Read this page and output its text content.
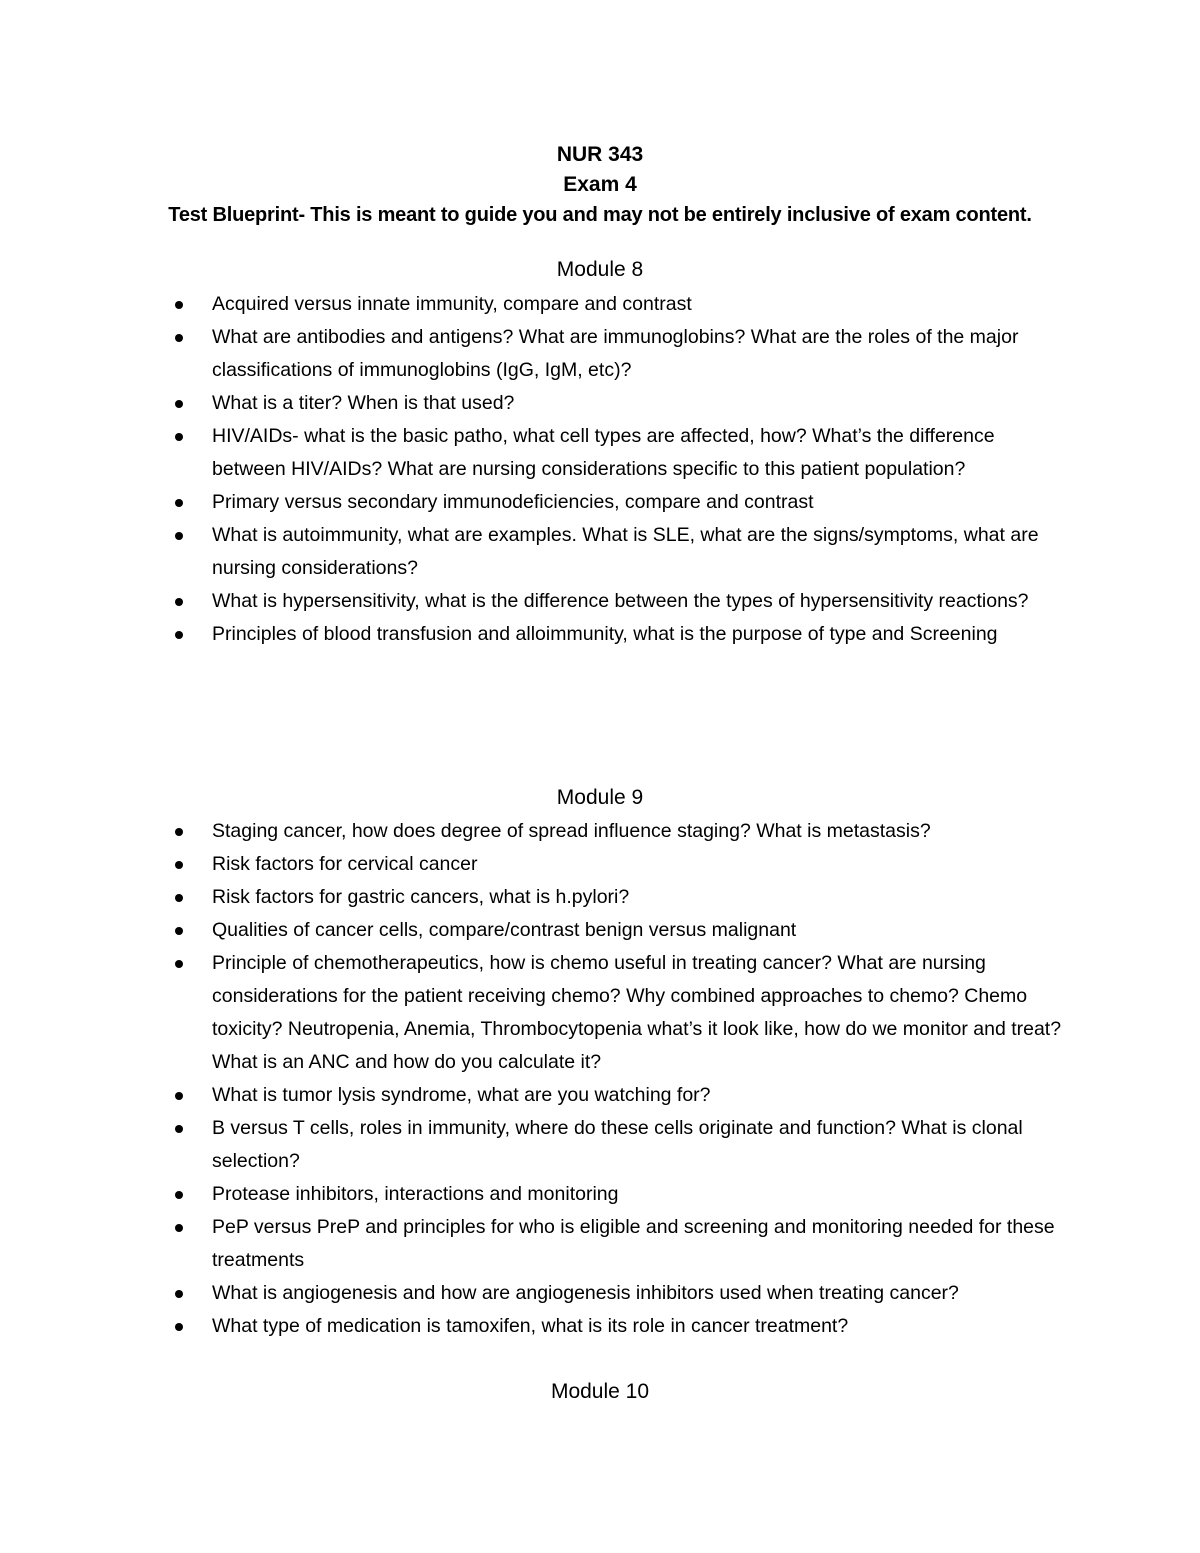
NUR 343
Exam 4
Test Blueprint- This is meant to guide you and may not be entirely inclusive of exam content.
Module 8
Acquired versus innate immunity, compare and contrast
What are antibodies and antigens? What are immunoglobins? What are the roles of the major classifications of immunoglobins (IgG, IgM, etc)?
What is a titer? When is that used?
HIV/AIDs- what is the basic patho, what cell types are affected, how? What’s the difference between HIV/AIDs? What are nursing considerations specific to this patient population?
Primary versus secondary immunodeficiencies, compare and contrast
What is autoimmunity, what are examples. What is SLE, what are the signs/symptoms, what are nursing considerations?
What is hypersensitivity, what is the difference between the types of hypersensitivity reactions?
Principles of blood transfusion and alloimmunity, what is the purpose of type and Screening
Module 9
Staging cancer, how does degree of spread influence staging? What is metastasis?
Risk factors for cervical cancer
Risk factors for gastric cancers, what is h.pylori?
Qualities of cancer cells, compare/contrast benign versus malignant
Principle of chemotherapeutics, how is chemo useful in treating cancer? What are nursing considerations for the patient receiving chemo? Why combined approaches to chemo? Chemo toxicity? Neutropenia, Anemia, Thrombocytopenia what’s it look like, how do we monitor and treat? What is an ANC and how do you calculate it?
What is tumor lysis syndrome, what are you watching for?
B versus T cells, roles in immunity, where do these cells originate and function? What is clonal selection?
Protease inhibitors, interactions and monitoring
PeP versus PreP and principles for who is eligible and screening and monitoring needed for these treatments
What is angiogenesis and how are angiogenesis inhibitors used when treating cancer?
What type of medication is tamoxifen, what is its role in cancer treatment?
Module 10
